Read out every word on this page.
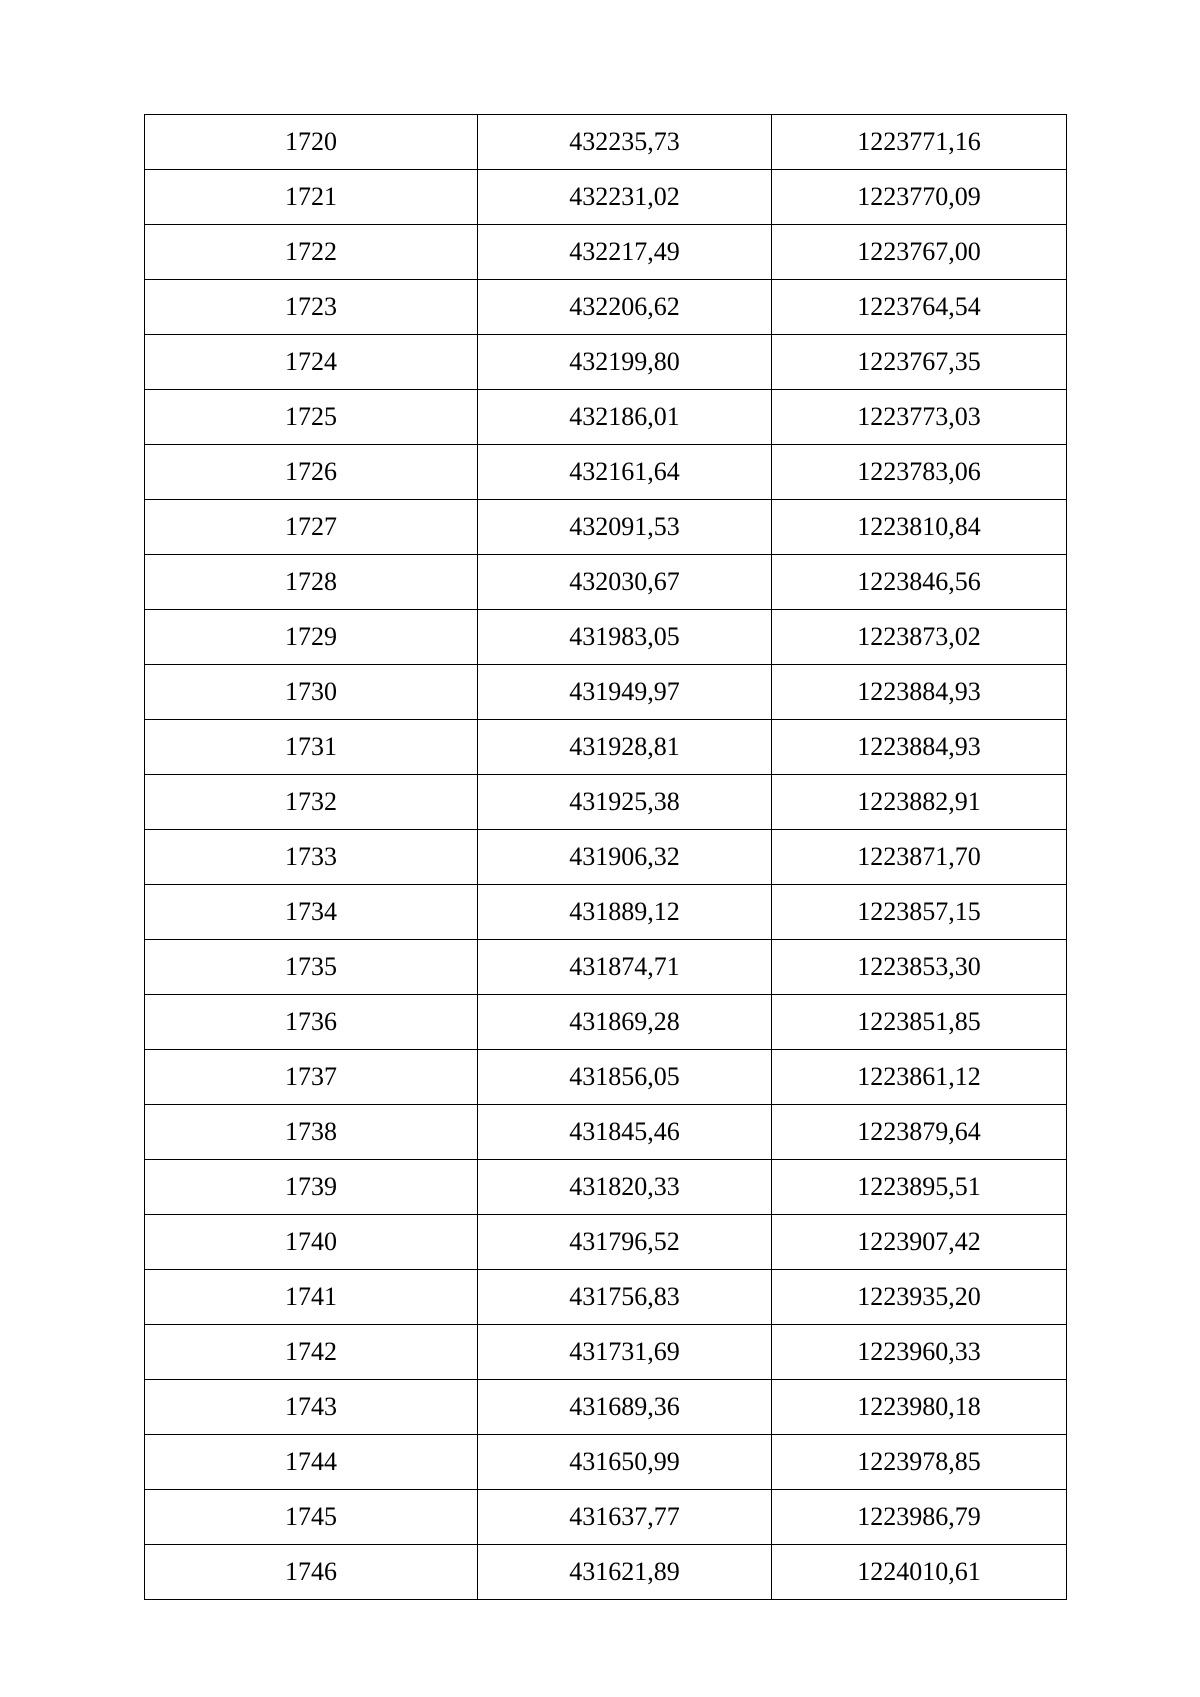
1720	432235,73	1223771,16
1721	432231,02	1223770,09
1722	432217,49	1223767,00
1723	432206,62	1223764,54
1724	432199,80	1223767,35
1725	432186,01	1223773,03
1726	432161,64	1223783,06
1727	432091,53	1223810,84
1728	432030,67	1223846,56
1729	431983,05	1223873,02
1730	431949,97	1223884,93
1731	431928,81	1223884,93
1732	431925,38	1223882,91
1733	431906,32	1223871,70
1734	431889,12	1223857,15
1735	431874,71	1223853,30
1736	431869,28	1223851,85
1737	431856,05	1223861,12
1738	431845,46	1223879,64
1739	431820,33	1223895,51
1740	431796,52	1223907,42
1741	431756,83	1223935,20
1742	431731,69	1223960,33
1743	431689,36	1223980,18
1744	431650,99	1223978,85
1745	431637,77	1223986,79
1746	431621,89	1224010,61
